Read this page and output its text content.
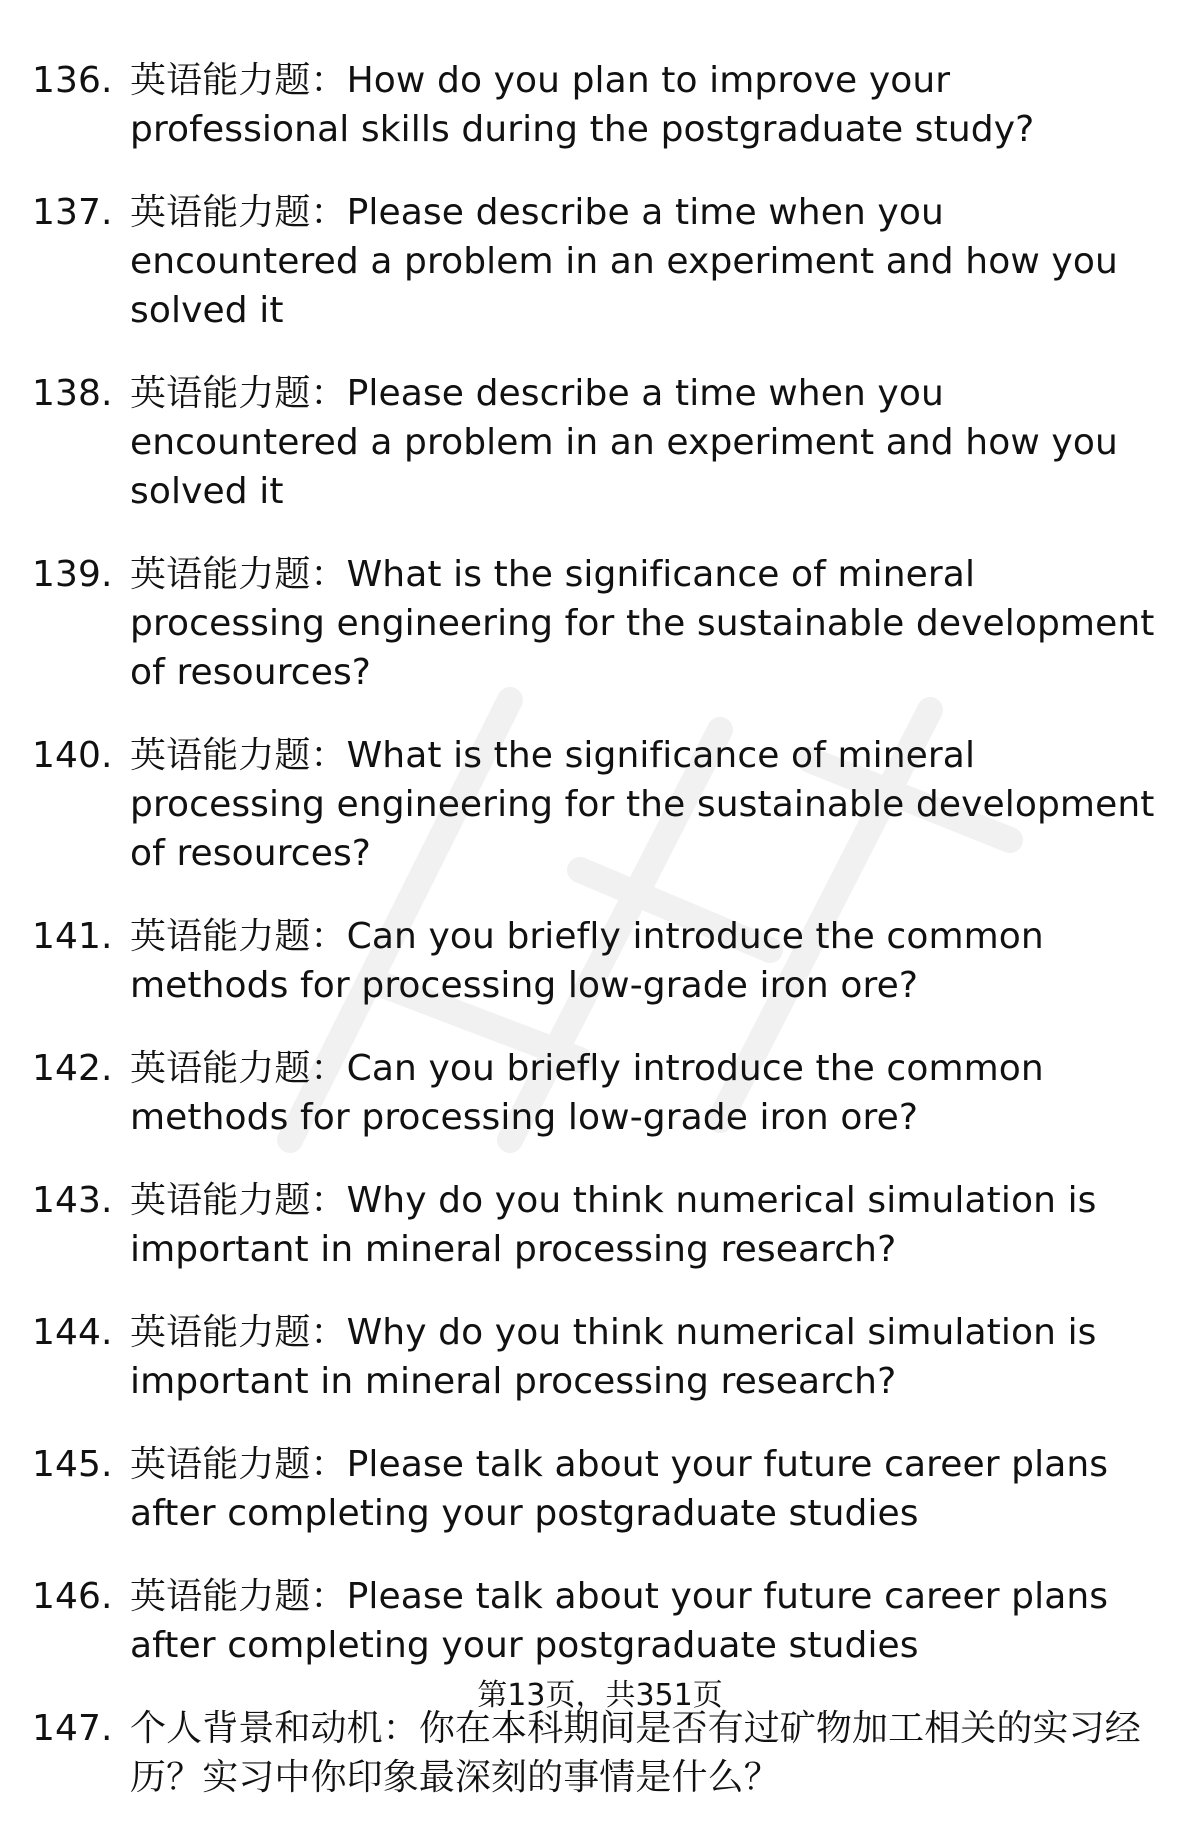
136. 英语能力题：How do you plan to improve your professional skills during the postgraduate study?
137. 英语能力题：Please describe a time when you encountered a problem in an experiment and how you solved it
138. 英语能力题：Please describe a time when you encountered a problem in an experiment and how you solved it
139. 英语能力题：What is the significance of mineral processing engineering for the sustainable development of resources?
140. 英语能力题：What is the significance of mineral processing engineering for the sustainable development of resources?
141. 英语能力题：Can you briefly introduce the common methods for processing low-grade iron ore?
142. 英语能力题：Can you briefly introduce the common methods for processing low-grade iron ore?
143. 英语能力题：Why do you think numerical simulation is important in mineral processing research?
144. 英语能力题：Why do you think numerical simulation is important in mineral processing research?
145. 英语能力题：Please talk about your future career plans after completing your postgraduate studies
146. 英语能力题：Please talk about your future career plans after completing your postgraduate studies
147. 个人背景和动机：你在本科期间是否有过矿物加工相关的实习经历？实习中你印象最深刻的事情是什么？
第13页，共351页
